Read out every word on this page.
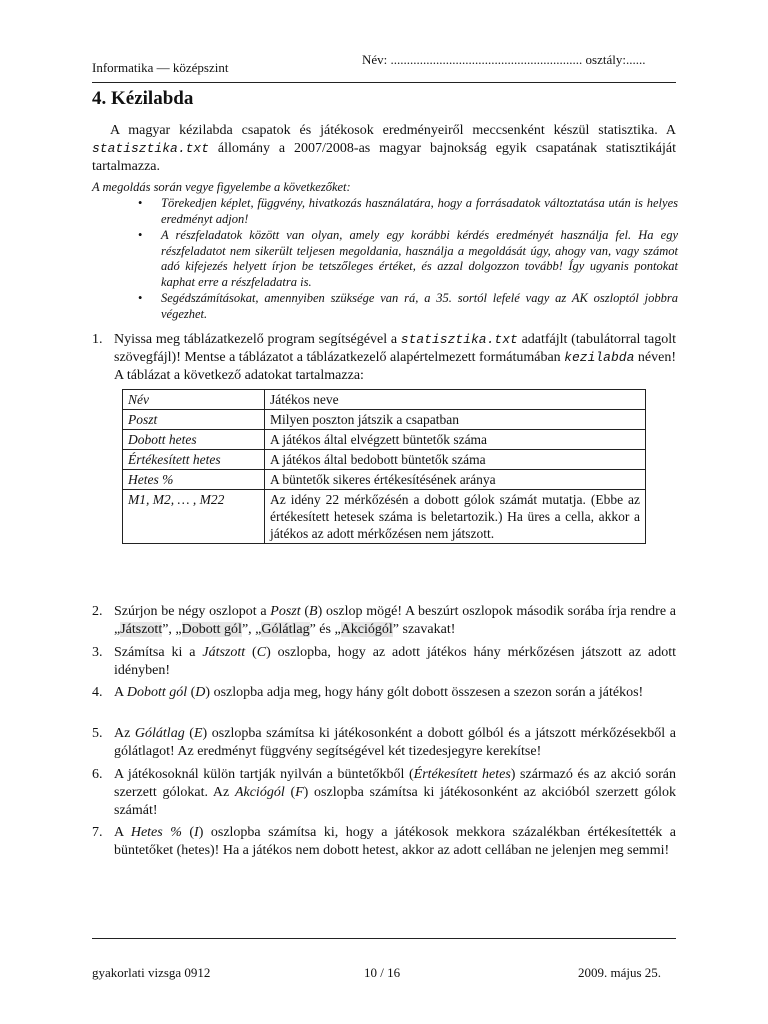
Informatika — középszint
Név: ........................................................... osztály:......
4. Kézilabda
A magyar kézilabda csapatok és játékosok eredményeiről meccsenként készül statisztika. A statisztika.txt állomány a 2007/2008-as magyar bajnokság egyik csapatának statisztikáját tartalmazza.
A megoldás során vegye figyelembe a következőket:
• Törekedjen képlet, függvény, hivatkozás használatára, hogy a forrásadatok változtatása után is helyes eredményt adjon!
• A részfeladatok között van olyan, amely egy korábbi kérdés eredményét használja fel. Ha egy részfeladatot nem sikerült teljesen megoldania, használja a megoldását úgy, ahogy van, vagy számot adó kifejezés helyett írjon be tetszőleges értéket, és azzal dolgozzon tovább! Így ugyanis pontokat kaphat erre a részfeladatra is.
• Segédszámításokat, amennyiben szüksége van rá, a 35. sortól lefelé vagy az AK oszloptól jobbra végezhet.
1. Nyissa meg táblázatkezelő program segítségével a statisztika.txt adatfájlt (tabulátorral tagolt szövegfájl)! Mentse a táblázatot a táblázatkezelő alapértelmezett formátumában kezilabda néven! A táblázat a következő adatokat tartalmazza:
Név	Játékos neve
Poszt	Milyen poszton játszik a csapatban
Dobott hetes	A játékos által elvégzett büntetők száma
Értékesített hetes	A játékos által bedobott büntetők száma
Hetes %	A büntetők sikeres értékesítésének aránya
M1, M2, … , M22	Az idény 22 mérkőzésén a dobott gólok számát mutatja. (Ebbe az értékesített hetesek száma is beletartozik.) Ha üres a cella, akkor a játékos az adott mérkőzésen nem játszott.
2. Szúrjon be négy oszlopot a Poszt (B) oszlop mögé! A beszúrt oszlopok második sorába írja rendre a „Játszott”, „Dobott gól”, „Gólátlag” és „Akciógól” szavakat!
3. Számítsa ki a Játszott (C) oszlopba, hogy az adott játékos hány mérkőzésen játszott az adott idényben!
4. A Dobott gól (D) oszlopba adja meg, hogy hány gólt dobott összesen a szezon során a játékos!
5. Az Gólátlag (E) oszlopba számítsa ki játékosonként a dobott gólból és a játszott mérkőzésekből a gólátlagot! Az eredményt függvény segítségével két tizedesjegyre kerekítse!
6. A játékosoknál külön tartják nyilván a büntetőkből (Értékesített hetes) származó és az akció során szerzett gólokat. Az Akciógól (F) oszlopba számítsa ki játékosonként az akcióból szerzett gólok számát!
7. A Hetes % (I) oszlopba számítsa ki, hogy a játékosok mekkora százalékban értékesítették a büntetőket (hetes)! Ha a játékos nem dobott hetest, akkor az adott cellában ne jelenjen meg semmi!
gyakorlati vizsga 0912	10 / 16	2009. május 25.
